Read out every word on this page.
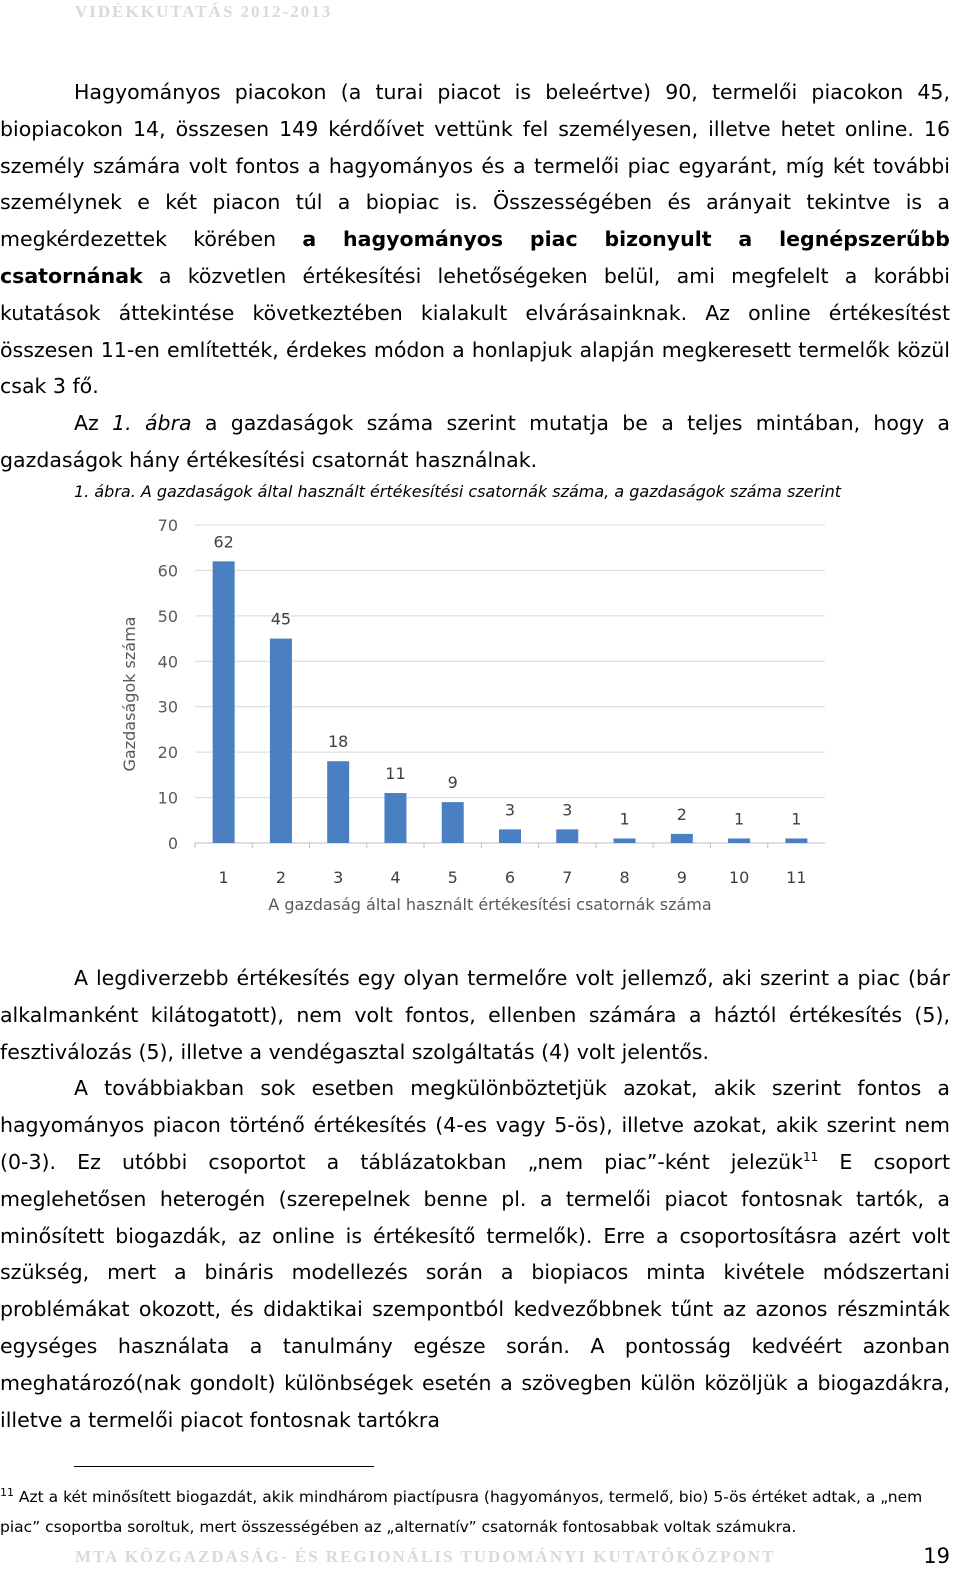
VIDÉKKUTATÁS 2012-2013

Hagyományos piacokon (a turai piacot is beleértve) 90, termelői piacokon 45, biopiacokon 14, összesen 149 kérdőívet vettünk fel személyesen, illetve hetet online. 16 személy számára volt fontos a hagyományos és a termelői piac egyaránt, míg két további személynek e két piacon túl a biopiac is. Összességében és arányait tekintve is a megkérdezettek körében a hagyományos piac bizonyult a legnépszerűbb csatornának a közvetlen értékesítési lehetőségeken belül, ami megfelelt a korábbi kutatások áttekintése következtében kialakult elvárásainknak. Az online értékesítést összesen 11-en említették, érdekes módon a honlapjuk alapján megkeresett termelők közül csak 3 fő.

Az 1. ábra a gazdaságok száma szerint mutatja be a teljes mintában, hogy a gazdaságok hány értékesítési csatornát használnak.

1. ábra. A gazdaságok által használt értékesítési csatornák száma, a gazdaságok száma szerint
0
10
20
30
40
50
60
70
62
1
45
2
18
3
11
4
9
5
3
6
3
7
1
8
2
9
1
10
1
11
A gazdaság által használt értékesítési csatornák száma
Gazdaságok száma

A legdiverzebb értékesítés egy olyan termelőre volt jellemző, aki szerint a piac (bár alkalmanként kilátogatott), nem volt fontos, ellenben számára a háztól értékesítés (5), fesztiválozás (5), illetve a vendégasztal szolgáltatás (4) volt jelentős.

A továbbiakban sok esetben megkülönböztetjük azokat, akik szerint fontos a hagyományos piacon történő értékesítés (4-es vagy 5-ös), illetve azokat, akik szerint nem (0-3). Ez utóbbi csoportot a táblázatokban „nem piac”-ként jelezük$^{11}$ E csoport meglehetősen heterogén (szerepelnek benne pl. a termelői piacot fontosnak tartók, a minősített biogazdák, az online is értékesítő termelők). Erre a csoportosításra azért volt szükség, mert a bináris modellezés során a biopiacos minta kivétele módszertani problémákat okozott, és didaktikai szempontból kedvezőbbnek tűnt az azonos részminták egységes használata a tanulmány egésze során. A pontosság kedvéért azonban meghatározó(nak gondolt) különbségek esetén a szövegben külön közöljük a biogazdákra, illetve a termelői piacot fontosnak tartókra

$^{11}$ Azt a két minősített biogazdát, akik mindhárom piactípusra (hagyományos, termelő, bio) 5-ös értéket adtak, a „nem piac” csoportba soroltuk, mert összességében az „alternatív” csatornák fontosabbak voltak számukra.
MTA KÖZGAZDASÁG- ÉS REGIONÁLIS TUDOMÁNYI KUTATÓKÖZPONT	19
